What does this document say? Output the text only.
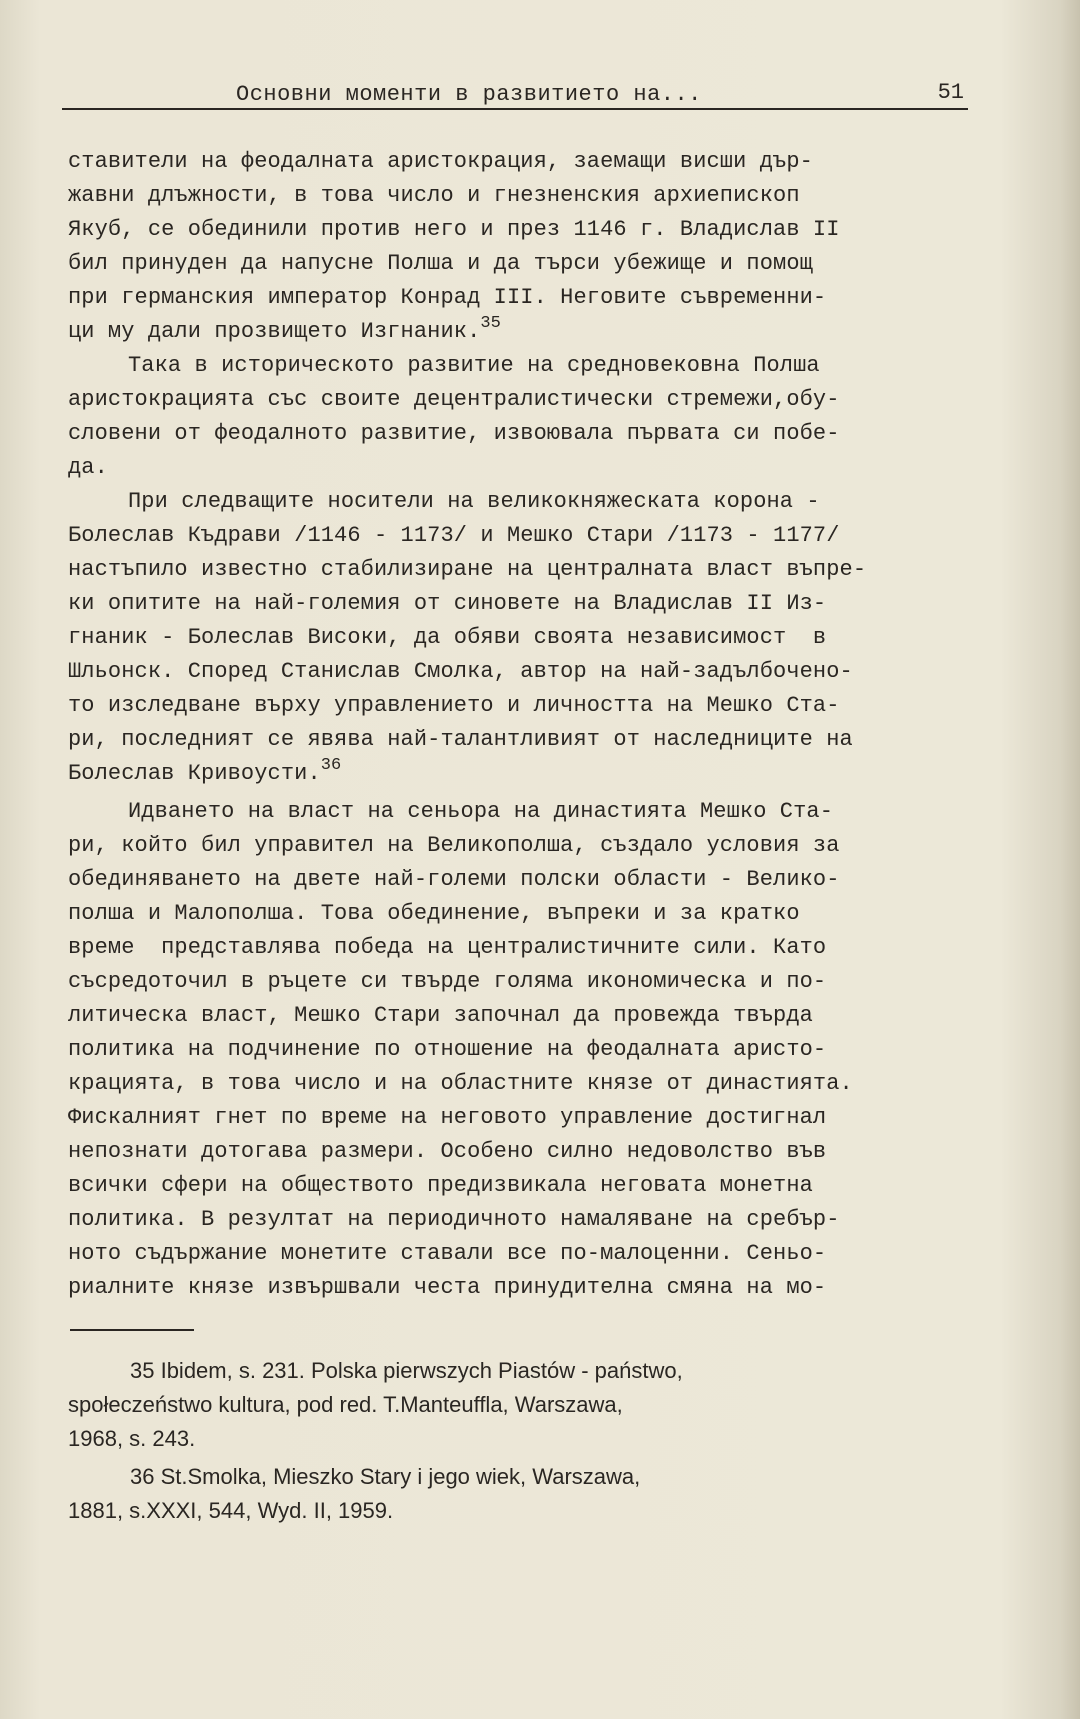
Основни моменти в развитието на...	51
ставители на феодалната аристокрация, заемащи висши дър-
жавни длъжности, в това число и гнезненския архиепископ
Якуб, се обединили против него и през 1146 г. Владислав II
бил принуден да напусне Полша и да търси убежище и помощ
при германския император Конрад III. Неговите съвременни-
ци му дали прозвището Изгнаник.$^{35}$
Така в историческото развитие на средновековна Полша
аристокрацията със своите децентралистически стремежи,обу-
словени от феодалното развитие, извоювала първата си побе-
да.
При следващите носители на великокняжеската корона -
Болеслав Къдрави /1146 - 1173/ и Мешко Стари /1173 - 1177/
настъпило известно стабилизиране на централната власт въпре-
ки опитите на най-големия от синовете на Владислав II Из-
гнаник - Болеслав Високи, да обяви своята независимост  в
Шльонск. Според Станислав Смолка, автор на най-задълбочено-
то изследване върху управлението и личността на Мешко Ста-
ри, последният се явява най-талантливият от наследниците на
Болеслав Кривоусти.$^{36}$
Идването на власт на сеньора на династията Мешко Ста-
ри, който бил управител на Великополша, създало условия за
обединяването на двете най-големи полски области - Велико-
полша и Малополша. Това обединение, въпреки и за кратко
време  представлява победа на централистичните сили. Като
съсредоточил в ръцете си твърде голяма икономическа и по-
литическа власт, Мешко Стари започнал да провежда твърда
политика на подчинение по отношение на феодалната аристо-
крацията, в това число и на областните князе от династията.
Фискалният гнет по време на неговото управление достигнал
непознати дотогава размери. Особено силно недоволство във
всички сфери на обществото предизвикала неговата монетна
политика. В резултат на периодичното намаляване на сребър-
ното съдържание монетите ставали все по-малоценни. Сеньо-
риалните князе извършвали честа принудителна смяна на мо-
35 Ibidem, s. 231. Polska pierwszych Piastów - państwo,
społeczeństwo kultura, pod red. T.Manteuffla, Warszawa,
1968, s. 243.
36 St.Smolka, Mieszko Stary i jego wiek, Warszawa,
1881, s.XXXI, 544, Wyd. II, 1959.
